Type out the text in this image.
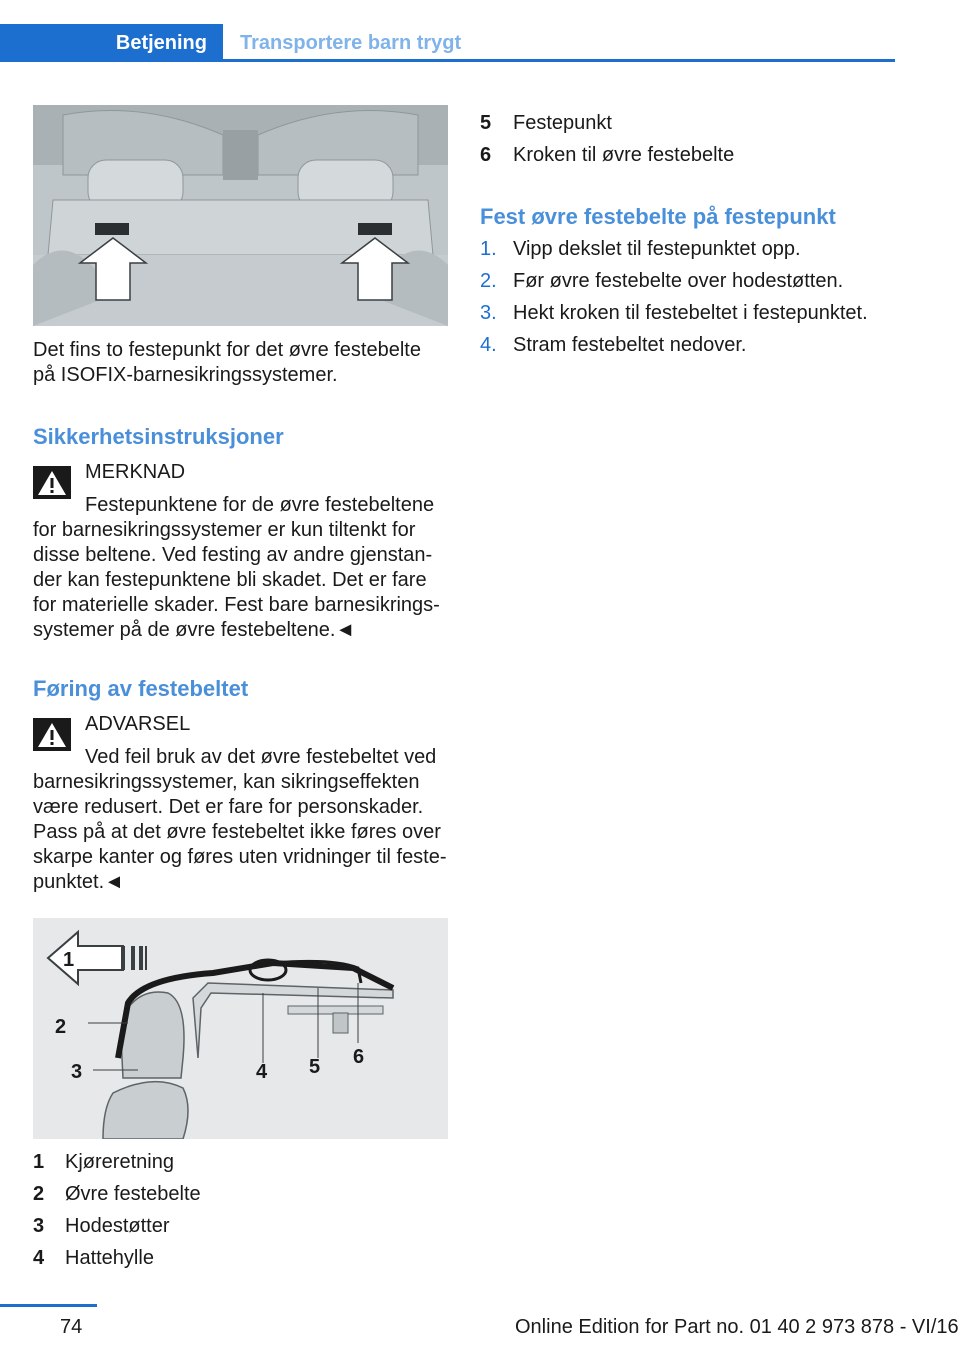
Betjening	Transportere barn trygt
Det fins to festepunkt for det øvre festebelte
på ISOFIX-barnesikringssystemer.
Sikkerhetsinstruksjoner
MERKNAD
Festepunktene for de øvre festebeltene
for barnesikringssystemer er kun tiltenkt for
disse beltene. Ved festing av andre gjenstan-
der kan festepunktene bli skadet. Det er fare
for materielle skader. Fest bare barnesikrings-
systemer på de øvre festebeltene.◄
Føring av festebeltet
ADVARSEL
Ved feil bruk av det øvre festebeltet ved
barnesikringssystemer, kan sikringseffekten
være redusert. Det er fare for personskader.
Pass på at det øvre festebeltet ikke føres over
skarpe kanter og føres uten vridninger til feste-
punktet.◄
1
2
3	4 5 6
1 Kjøreretning
2 Øvre festebelte
3 Hodestøtter
4 Hattehylle
5 Festepunkt
6 Kroken til øvre festebelte
Fest øvre festebelte på festepunkt
1. Vipp dekslet til festepunktet opp.
2. Før øvre festebelte over hodestøtten.
3. Hekt kroken til festebeltet i festepunktet.
4. Stram festebeltet nedover.
74	Online Edition for Part no. 01 40 2 973 878 - VI/16
